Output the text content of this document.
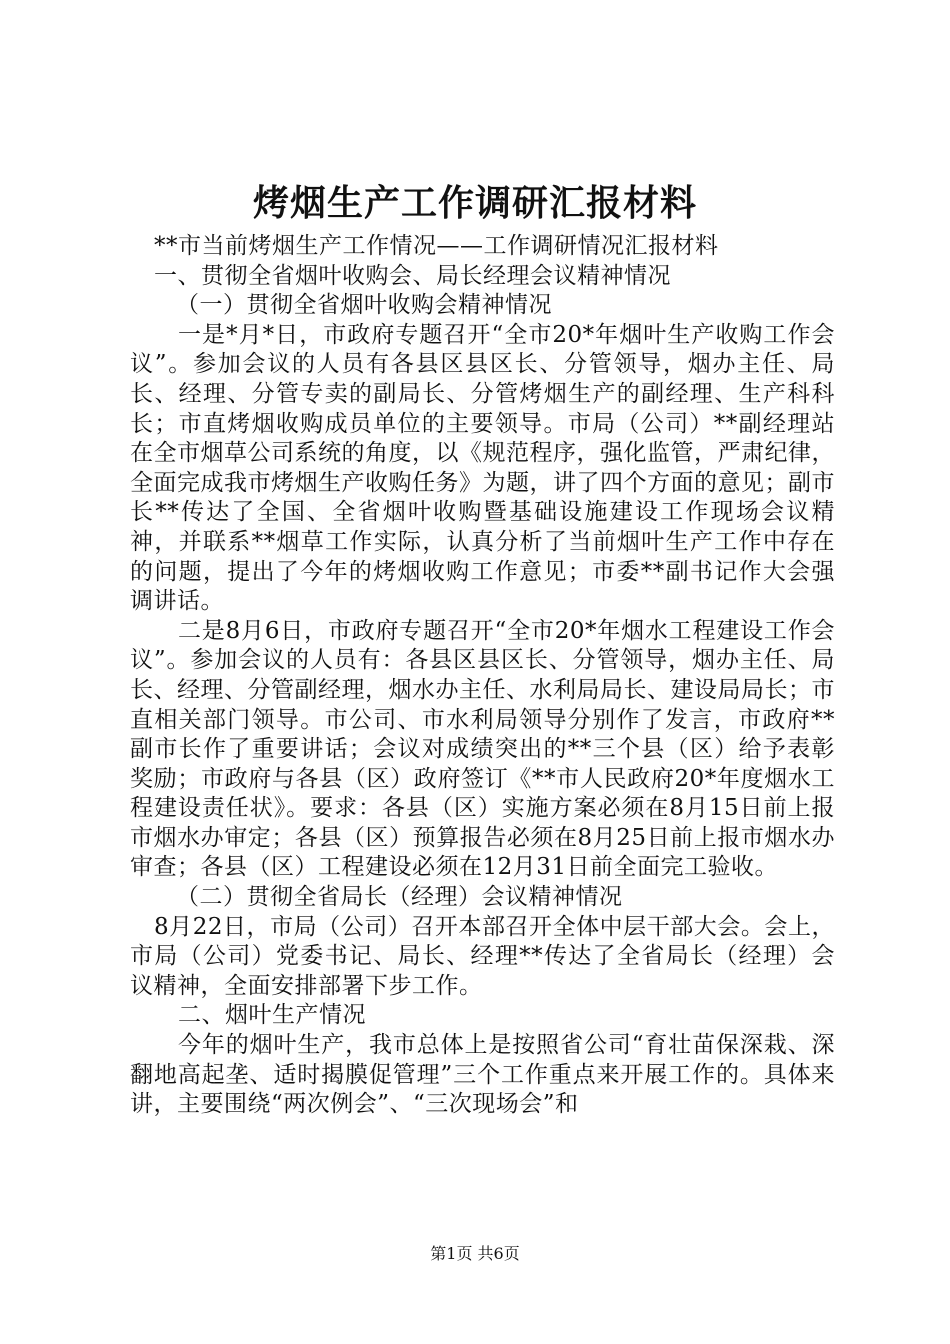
烤烟生产工作调研汇报材料

**市当前烤烟生产工作情况——工作调研情况汇报材料

一、贯彻全省烟叶收购会、局长经理会议精神情况

（一）贯彻全省烟叶收购会精神情况

一是*月*日，市政府专题召开“全市20*年烟叶生产收购工作会议”。参加会议的人员有各县区县区长、分管领导，烟办主任、局长、经理、分管专卖的副局长、分管烤烟生产的副经理、生产科科长；市直烤烟收购成员单位的主要领导。市局（公司）**副经理站在全市烟草公司系统的角度，以《规范程序，强化监管，严肃纪律，全面完成我市烤烟生产收购任务》为题，讲了四个方面的意见；副市长**传达了全国、全省烟叶收购暨基础设施建设工作现场会议精神，并联系**烟草工作实际，认真分析了当前烟叶生产工作中存在的问题，提出了今年的烤烟收购工作意见；市委**副书记作大会强调讲话。

二是8月6日，市政府专题召开“全市20*年烟水工程建设工作会议”。参加会议的人员有：各县区县区长、分管领导，烟办主任、局长、经理、分管副经理，烟水办主任、水利局局长、建设局局长；市直相关部门领导。市公司、市水利局领导分别作了发言，市政府**副市长作了重要讲话；会议对成绩突出的**三个县（区）给予表彰奖励；市政府与各县（区）政府签订《**市人民政府20*年度烟水工程建设责任状》。要求：各县（区）实施方案必须在8月15日前上报市烟水办审定；各县（区）预算报告必须在8月25日前上报市烟水办审查；各县（区）工程建设必须在12月31日前全面完工验收。

（二）贯彻全省局长（经理）会议精神情况

8月22日，市局（公司）召开本部召开全体中层干部大会。会上，市局（公司）党委书记、局长、经理**传达了全省局长（经理）会议精神，全面安排部署下步工作。

二、烟叶生产情况

今年的烟叶生产，我市总体上是按照省公司“育壮苗保深栽、深翻地高起垄、适时揭膜促管理”三个工作重点来开展工作的。具体来讲，主要围绕“两次例会”、“三次现场会”和

第1页 共6页
